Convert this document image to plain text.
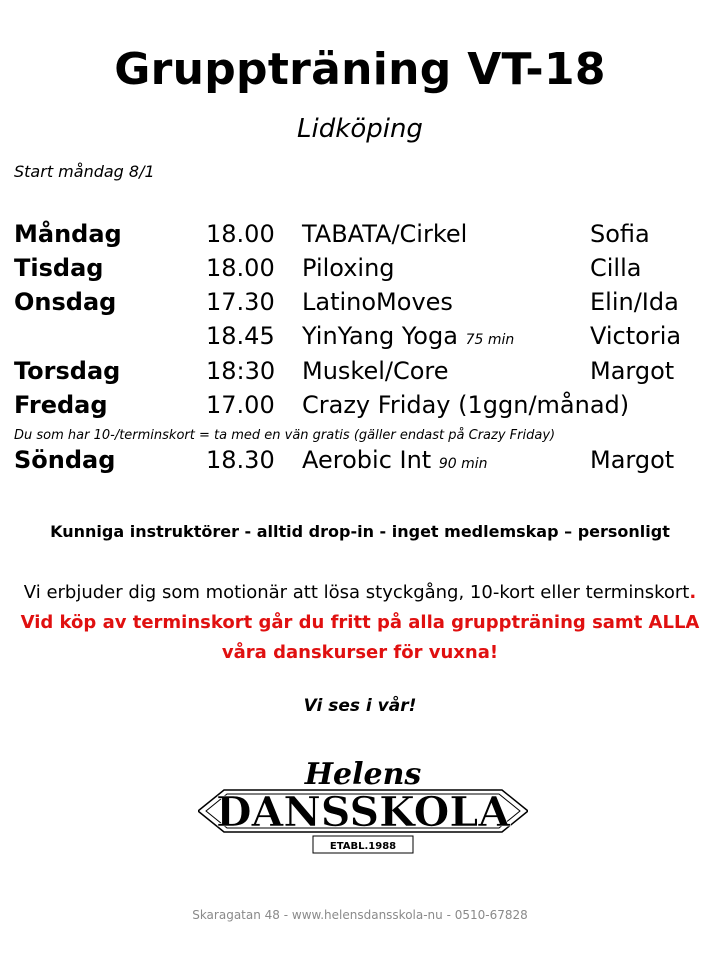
Gruppträning VT-18
Lidköping
Start måndag 8/1
Måndag	18.00 TABATA/Cirkel	Sofia
Tisdag	18.00 Piloxing	Cilla
Onsdag	17.30 LatinoMoves	Elin/Ida
18.45 YinYang Yoga 75 min	Victoria
Torsdag	18:30 Muskel/Core	Margot
Fredag	17.00 Crazy Friday (1ggn/månad)
Du som har 10-/terminskort = ta med en vän gratis (gäller endast på Crazy Friday)
Söndag	18.30 Aerobic Int 90 min	Margot
Kunniga instruktörer - alltid drop-in - inget medlemskap – personligt
Vi erbjuder dig som motionär att lösa styckgång, 10-kort eller terminskort. Vid köp av terminskort går du fritt på alla gruppträning samt ALLA våra danskurser för vuxna!
Vi ses i vår!
Helens
DANSSKOLA
ETABL.1988
Skaragatan 48 - www.helensdansskola-nu - 0510-67828
